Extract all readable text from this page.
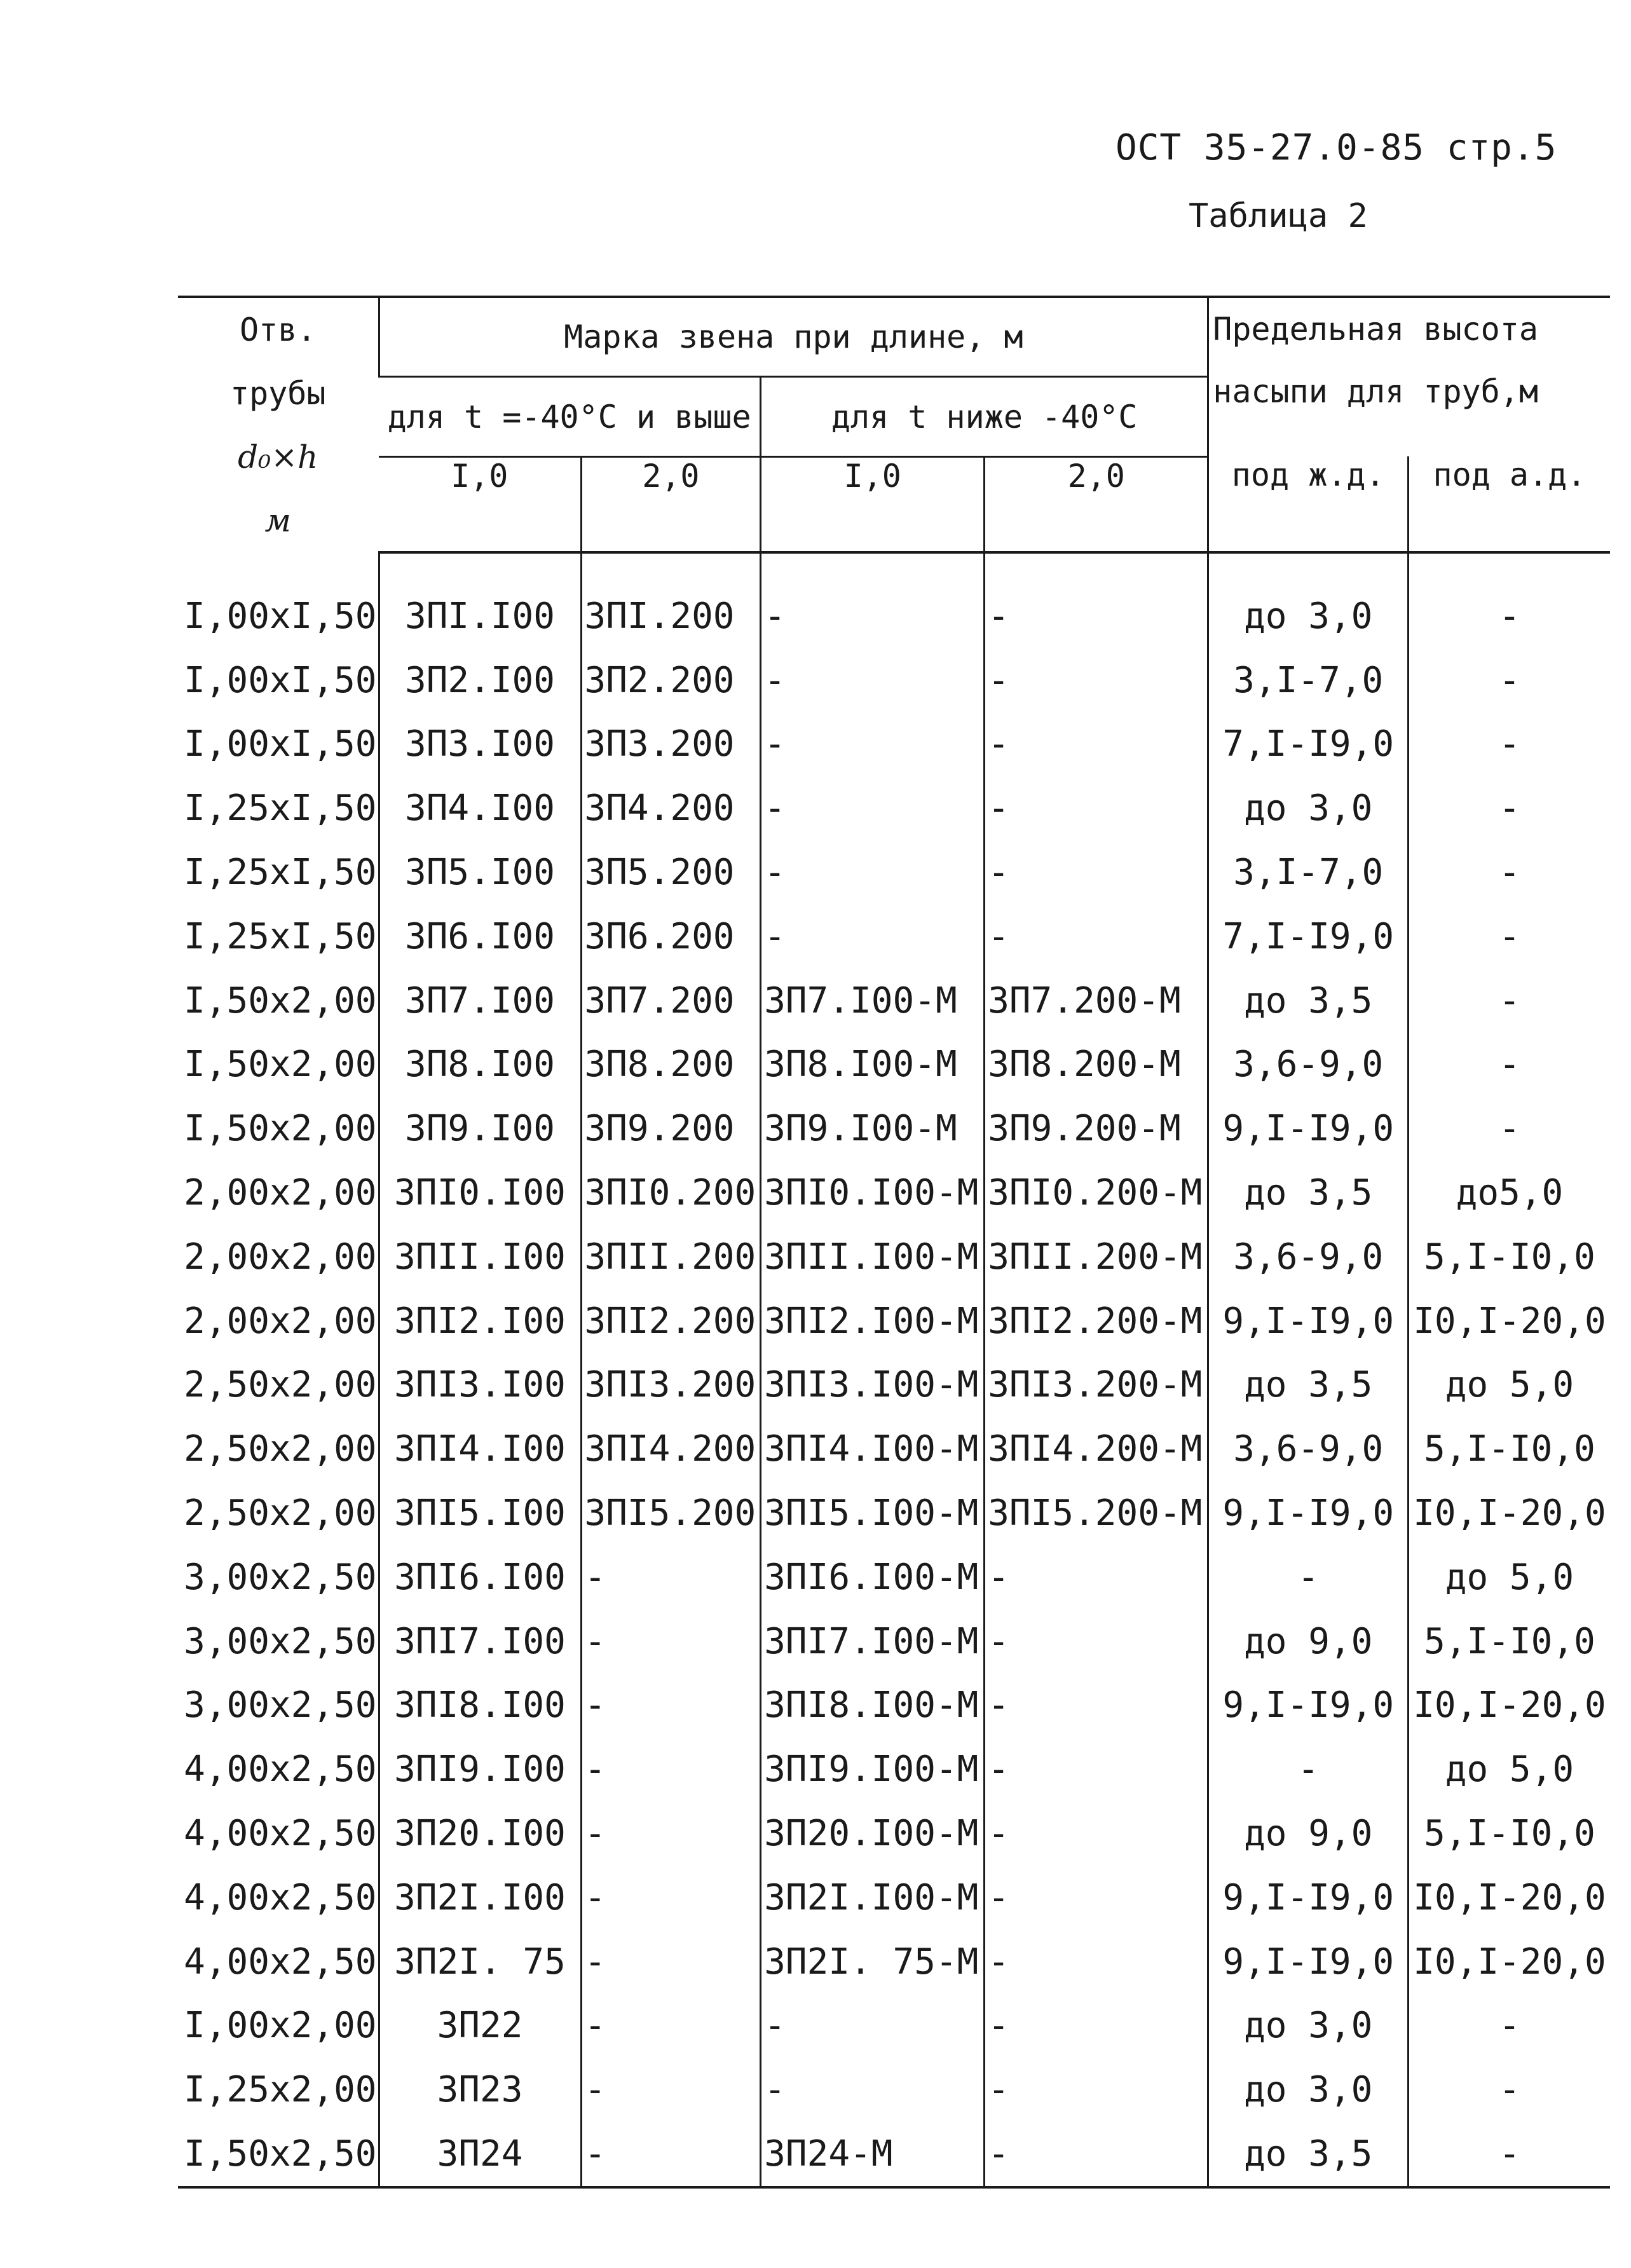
ОСТ 35-27.0-85 стр.5
Таблица 2
Отв.
трубы
d₀×h
м	Марка звена при длине, м				Предельная высота насыпи для труб,м	
	для t =-40°C и выше		для t ниже -40°C			
	I,0	2,0	I,0	2,0	под ж.д.	под а.д.

I,00xI,50	ЗПI.I00	ЗПI.200	-	-	до 3,0	-
I,00xI,50	ЗП2.I00	ЗП2.200	-	-	3,I-7,0	-
I,00xI,50	ЗП3.I00	ЗП3.200	-	-	7,I-I9,0	-
I,25xI,50	ЗП4.I00	ЗП4.200	-	-	до 3,0	-
I,25xI,50	ЗП5.I00	ЗП5.200	-	-	3,I-7,0	-
I,25xI,50	ЗП6.I00	ЗП6.200	-	-	7,I-I9,0	-
I,50x2,00	ЗП7.I00	ЗП7.200	ЗП7.I00-М	ЗП7.200-М	до 3,5	-
I,50x2,00	ЗП8.I00	ЗП8.200	ЗП8.I00-М	ЗП8.200-М	3,6-9,0	-
I,50x2,00	ЗП9.I00	ЗП9.200	ЗП9.I00-М	ЗП9.200-М	9,I-I9,0	-
2,00x2,00	ЗПI0.I00	ЗПI0.200	ЗПI0.I00-М	ЗПI0.200-М	до 3,5	до5,0
2,00x2,00	ЗПII.I00	ЗПII.200	ЗПII.I00-М	ЗПII.200-М	3,6-9,0	5,I-I0,0
2,00x2,00	ЗПI2.I00	ЗПI2.200	ЗПI2.I00-М	ЗПI2.200-М	9,I-I9,0	I0,I-20,0
2,50x2,00	ЗПI3.I00	ЗПI3.200	ЗПI3.I00-М	ЗПI3.200-М	до 3,5	до 5,0
2,50x2,00	ЗПI4.I00	ЗПI4.200	ЗПI4.I00-М	ЗПI4.200-М	3,6-9,0	5,I-I0,0
2,50x2,00	ЗПI5.I00	ЗПI5.200	ЗПI5.I00-М	ЗПI5.200-М	9,I-I9,0	I0,I-20,0
3,00x2,50	ЗПI6.I00	-	ЗПI6.I00-М	-	-	до 5,0
3,00x2,50	ЗПI7.I00	-	ЗПI7.I00-М	-	до 9,0	5,I-I0,0
3,00x2,50	ЗПI8.I00	-	ЗПI8.I00-М	-	9,I-I9,0	I0,I-20,0
4,00x2,50	ЗПI9.I00	-	ЗПI9.I00-М	-	-	до 5,0
4,00x2,50	ЗП20.I00	-	ЗП20.I00-М	-	до 9,0	5,I-I0,0
4,00x2,50	ЗП2I.I00	-	ЗП2I.I00-М	-	9,I-I9,0	I0,I-20,0
4,00x2,50	ЗП2I. 75	-	ЗП2I. 75-М	-	9,I-I9,0	I0,I-20,0
I,00x2,00	ЗП22	-	-	-	до 3,0	-
I,25x2,00	ЗП23	-	-	-	до 3,0	-
I,50x2,50	ЗП24	-	ЗП24-М	-	до 3,5	-
